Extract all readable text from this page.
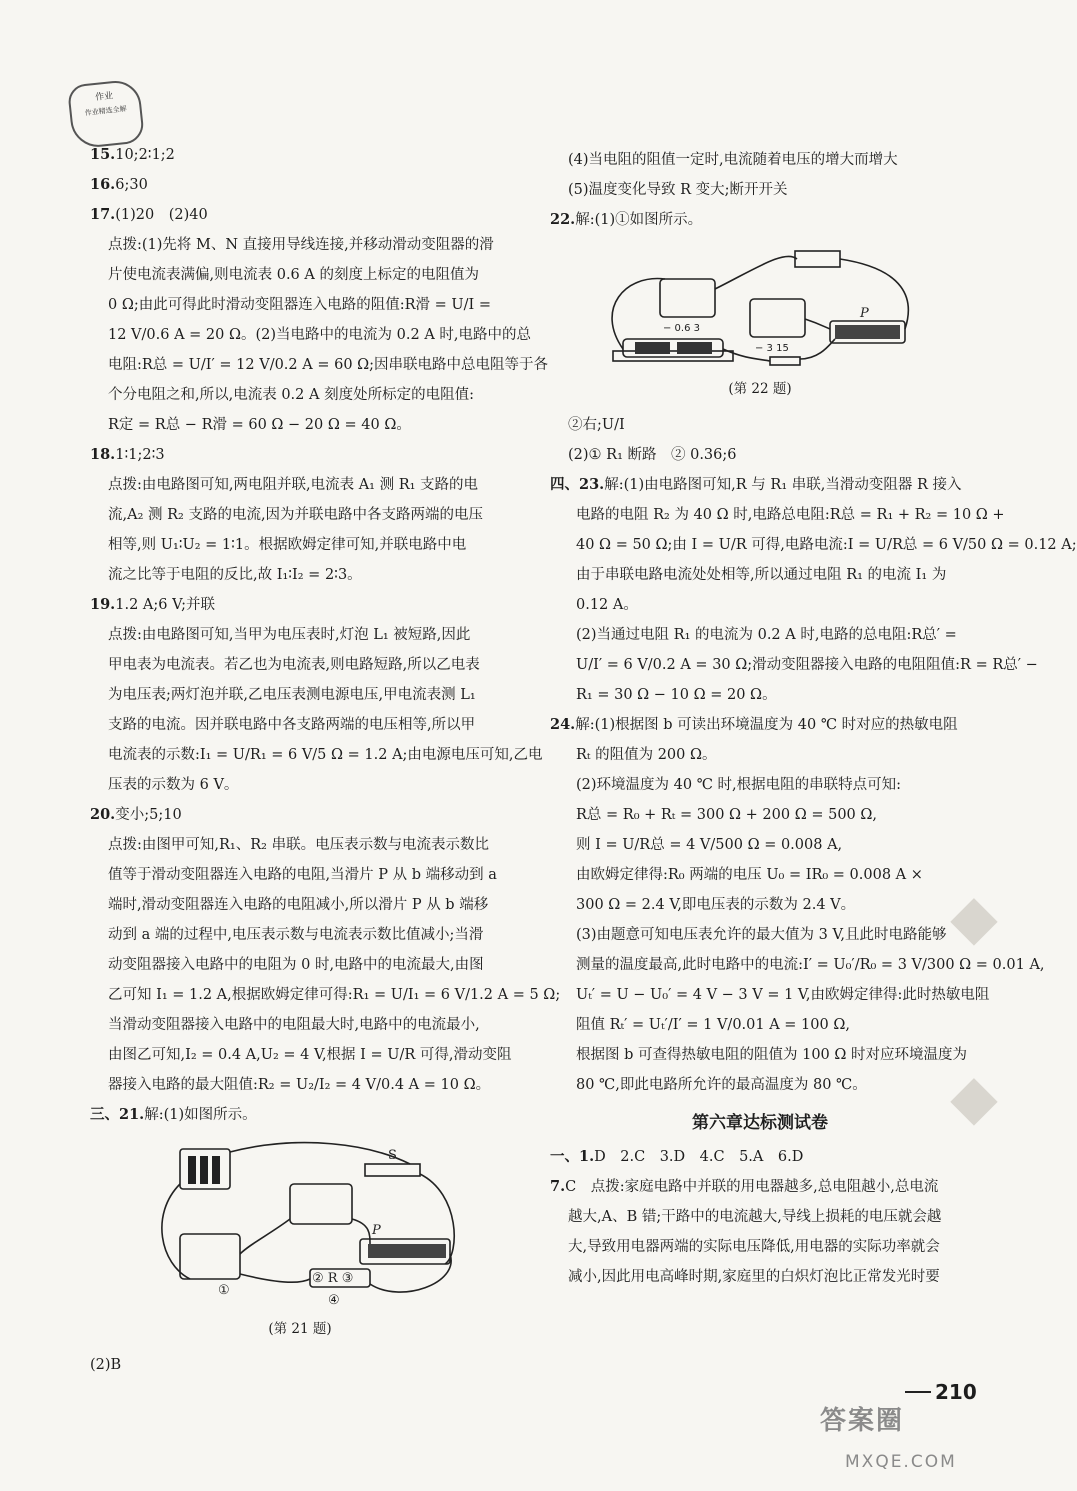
作业
作业精选全解
15.10;2∶1;2
16.6;30
17.(1)20　(2)40
点拨:(1)先将 M、N 直接用导线连接,并移动滑动变阻器的滑
片使电流表满偏,则电流表 0.6 A 的刻度上标定的电阻值为
0 Ω;由此可得此时滑动变阻器连入电路的阻值:R滑 = U/I =
12 V/0.6 A = 20 Ω。(2)当电路中的电流为 0.2 A 时,电路中的总
电阻:R总 = U/I′ = 12 V/0.2 A = 60 Ω;因串联电路中总电阻等于各
个分电阻之和,所以,电流表 0.2 A 刻度处所标定的电阻值:
R定 = R总 − R滑 = 60 Ω − 20 Ω = 40 Ω。
18.1∶1;2∶3
点拨:由电路图可知,两电阻并联,电流表 A₁ 测 R₁ 支路的电
流,A₂ 测 R₂ 支路的电流,因为并联电路中各支路两端的电压
相等,则 U₁∶U₂ = 1∶1。根据欧姆定律可知,并联电路中电
流之比等于电阻的反比,故 I₁∶I₂ = 2∶3。
19.1.2 A;6 V;并联
点拨:由电路图可知,当甲为电压表时,灯泡 L₁ 被短路,因此
甲电表为电流表。若乙也为电流表,则电路短路,所以乙电表
为电压表;两灯泡并联,乙电压表测电源电压,甲电流表测 L₁
支路的电流。因并联电路中各支路两端的电压相等,所以甲
电流表的示数:I₁ = U/R₁ = 6 V/5 Ω = 1.2 A;由电源电压可知,乙电
压表的示数为 6 V。
20.变小;5;10
点拨:由图甲可知,R₁、R₂ 串联。电压表示数与电流表示数比
值等于滑动变阻器连入电路的电阻,当滑片 P 从 b 端移动到 a
端时,滑动变阻器连入电路的电阻减小,所以滑片 P 从 b 端移
动到 a 端的过程中,电压表示数与电流表示数比值减小;当滑
动变阻器接入电路中的电阻为 0 时,电路中的电流最大,由图
乙可知 I₁ = 1.2 A,根据欧姆定律可得:R₁ = U/I₁ = 6 V/1.2 A = 5 Ω;
当滑动变阻器接入电路中的电阻最大时,电路中的电流最小,
由图乙可知,I₂ = 0.4 A,U₂ = 4 V,根据 I = U/R 可得,滑动变阻
器接入电路的最大阻值:R₂ = U₂/I₂ = 4 V/0.4 A = 10 Ω。
三、21.解:(1)如图所示。
S
② R ③
①
④
P
(第 21 题)
(2)B
(4)当电阻的阻值一定时,电流随着电压的增大而增大
(5)温度变化导致 R 变大;断开开关
22.解:(1)①如图所示。
− 0.6 3
− 3 15
P
(第 22 题)
②右;U/I
(2)① R₁ 断路　② 0.36;6
四、23.解:(1)由电路图可知,R 与 R₁ 串联,当滑动变阻器 R 接入
电路的电阻 R₂ 为 40 Ω 时,电路总电阻:R总 = R₁ + R₂ = 10 Ω +
40 Ω = 50 Ω;由 I = U/R 可得,电路电流:I = U/R总 = 6 V/50 Ω = 0.12 A;
由于串联电路电流处处相等,所以通过电阻 R₁ 的电流 I₁ 为
0.12 A。
(2)当通过电阻 R₁ 的电流为 0.2 A 时,电路的总电阻:R总′ =
U/I′ = 6 V/0.2 A = 30 Ω;滑动变阻器接入电路的电阻阻值:R = R总′ −
R₁ = 30 Ω − 10 Ω = 20 Ω。
24.解:(1)根据图 b 可读出环境温度为 40 ℃ 时对应的热敏电阻
Rₜ 的阻值为 200 Ω。
(2)环境温度为 40 ℃ 时,根据电阻的串联特点可知:
R总 = R₀ + Rₜ = 300 Ω + 200 Ω = 500 Ω,
则 I = U/R总 = 4 V/500 Ω = 0.008 A,
由欧姆定律得:R₀ 两端的电压 U₀ = IR₀ = 0.008 A ×
300 Ω = 2.4 V,即电压表的示数为 2.4 V。
(3)由题意可知电压表允许的最大值为 3 V,且此时电路能够
测量的温度最高,此时电路中的电流:I′ = U₀′/R₀ = 3 V/300 Ω = 0.01 A,
Uₜ′ = U − U₀′ = 4 V − 3 V = 1 V,由欧姆定律得:此时热敏电阻
阻值 Rₜ′ = Uₜ′/I′ = 1 V/0.01 A = 100 Ω,
根据图 b 可查得热敏电阻的阻值为 100 Ω 时对应环境温度为
80 ℃,即此电路所允许的最高温度为 80 ℃。
第六章达标测试卷
一、1.D　2.C　3.D　4.C　5.A　6.D
7.C　点拨:家庭电路中并联的用电器越多,总电阻越小,总电流
越大,A、B 错;干路中的电流越大,导线上损耗的电压就会越
大,导致用电器两端的实际电压降低,用电器的实际功率就会
减小,因此用电高峰时期,家庭里的白炽灯泡比正常发光时要
◆
◆
210
答案圈
MXQE.COM
